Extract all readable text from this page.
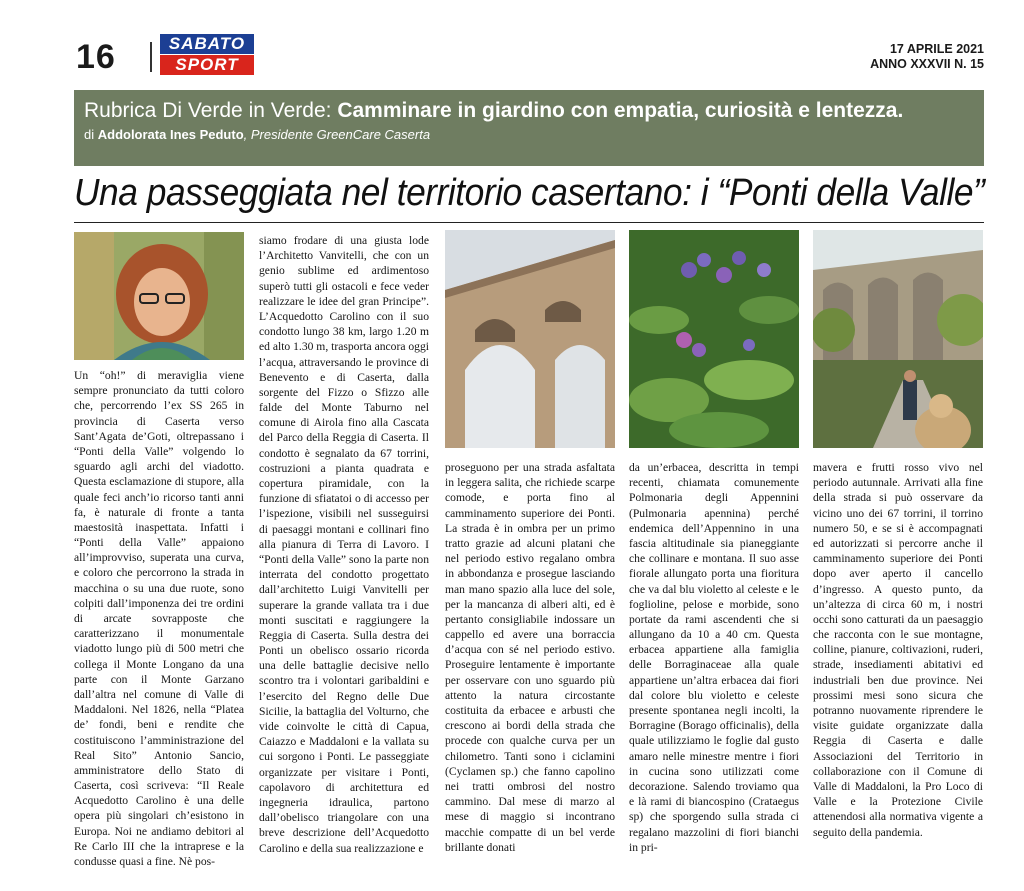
16	SABATO
SPORT
17 APRILE 2021
ANNO XXXVII N. 15
Rubrica Di Verde in Verde: Camminare in giardino con empatia, curiosità e lentezza.
di Addolorata Ines Peduto, Presidente GreenCare Caserta
Una passeggiata nel territorio casertano: i “Ponti della Valle”

Un “oh!” di meraviglia viene sempre pronunciato da tutti coloro che, percorrendo l’ex SS 265 in provincia di Caserta verso Sant’Agata de’Goti, oltrepassano i “Ponti della Valle” volgendo lo sguardo agli archi del viadotto. Questa esclamazione di stupore, alla quale feci anch’io ricorso tanti anni fa, è naturale di fronte a tanta maestosità inaspettata. Infatti i “Ponti della Valle” appaiono all’improvviso, superata una curva, e coloro che percorrono la strada in macchina o su una due ruote, sono colpiti dall’imponenza dei tre ordini di arcate sovrapposte che caratterizzano il monumentale viadotto lungo più di 500 metri che collega il Monte Longano da una parte con il Monte Garzano dall’altra nel comune di Valle di Maddaloni. Nel 1826, nella “Platea de’ fondi, beni e rendite che costituiscono l’amministrazione del Real Sito” Antonio Sancio, amministratore dello Stato di Caserta, così scriveva: “Il Reale Acquedotto Carolino è una delle opera più singolari ch’esistono in Europa. Noi ne andiamo debitori al Re Carlo III che la intraprese e la condusse quasi a fine. Nè pos-

siamo frodare di una giusta lode l’Architetto Vanvitelli, che con un genio sublime ed ardimentoso superò tutti gli ostacoli e fece veder realizzare le idee del gran Principe”. L’Acquedotto Carolino con il suo condotto lungo 38 km, largo 1.20 m ed alto 1.30 m, trasporta ancora oggi l’acqua, attraversando le province di Benevento e di Caserta, dalla sorgente del Fizzo o Sfizzo alle falde del Monte Taburno nel comune di Airola fino alla Cascata del Parco della Reggia di Caserta. Il condotto è segnalato da 67 torrini, costruzioni a pianta quadrata e copertura piramidale, con la funzione di sfiatatoi o di accesso per l’ispezione, visibili nel susseguirsi di paesaggi montani e collinari fino alla pianura di Terra di Lavoro. I “Ponti della Valle” sono la parte non interrata del condotto progettato dall’architetto Luigi Vanvitelli per superare la grande vallata tra i due monti suscitati e raggiungere la Reggia di Caserta. Sulla destra dei Ponti un obelisco ossario ricorda una delle battaglie decisive nello scontro tra i volontari garibaldini e l’esercito del Regno delle Due Sicilie, la battaglia del Volturno, che vide coinvolte le città di Capua, Caiazzo e Maddaloni e la vallata su cui sorgono i Ponti. Le passeggiate organizzate per visitare i Ponti, capolavoro di architettura ed ingegneria idraulica, partono dall’obelisco triangolare con una breve descrizione dell’Acquedotto Carolino e della sua realizzazione e

proseguono per una strada asfaltata in leggera salita, che richiede scarpe comode, e porta fino al camminamento superiore dei Ponti. La strada è in ombra per un primo tratto grazie ad alcuni platani che nel periodo estivo regalano ombra in abbondanza e prosegue lasciando man mano spazio alla luce del sole, per la mancanza di alberi alti, ed è pertanto consigliabile indossare un cappello ed avere una borraccia d’acqua con sé nel periodo estivo. Proseguire lentamente è importante per osservare con uno sguardo più attento la natura circostante costituita da erbacee e arbusti che crescono ai bordi della strada che procede con qualche curva per un chilometro. Tanti sono i ciclamini (Cyclamen sp.) che fanno capolino nei tratti ombrosi del nostro cammino. Dal mese di marzo al mese di maggio si incontrano macchie compatte di un bel verde brillante donati

da un’erbacea, descritta in tempi recenti, chiamata comunemente Polmonaria degli Appennini (Pulmonaria apennina) perché endemica dell’Appennino in una fascia altitudinale sia pianeggiante che collinare e montana. Il suo asse fiorale allungato porta una fioritura che va dal blu violetto al celeste e le foglioline, pelose e morbide, sono portate da rami ascendenti che si allungano da 10 a 40 cm. Questa erbacea appartiene alla famiglia delle Borraginaceae alla quale appartiene un’altra erbacea dai fiori dal colore blu violetto e celeste presente spontanea negli incolti, la Borragine (Borago officinalis), della quale utilizziamo le foglie dal gusto amaro nelle minestre mentre i fiori in cucina sono utilizzati come decorazione. Salendo troviamo qua e là rami di biancospino (Crataegus sp) che sporgendo sulla strada ci regalano mazzolini di fiori bianchi in pri-

mavera e frutti rosso vivo nel periodo autunnale. Arrivati alla fine della strada si può osservare da vicino uno dei 67 torrini, il torrino numero 50, e se si è accompagnati ed autorizzati si percorre anche il camminamento superiore dei Ponti dopo aver aperto il cancello d’ingresso. A questo punto, da un’altezza di circa 60 m, i nostri occhi sono catturati da un paesaggio che racconta con le sue montagne, colline, pianure, coltivazioni, ruderi, strade, insediamenti abitativi ed industriali ben due province. Nei prossimi mesi sono sicura che potranno nuovamente riprendere le visite guidate organizzate dalla Reggia di Caserta e dalle Associazioni del Territorio in collaborazione con il Comune di Valle di Maddaloni, la Pro Loco di Valle e la Protezione Civile attenendosi alla normativa vigente a seguito della pandemia.
